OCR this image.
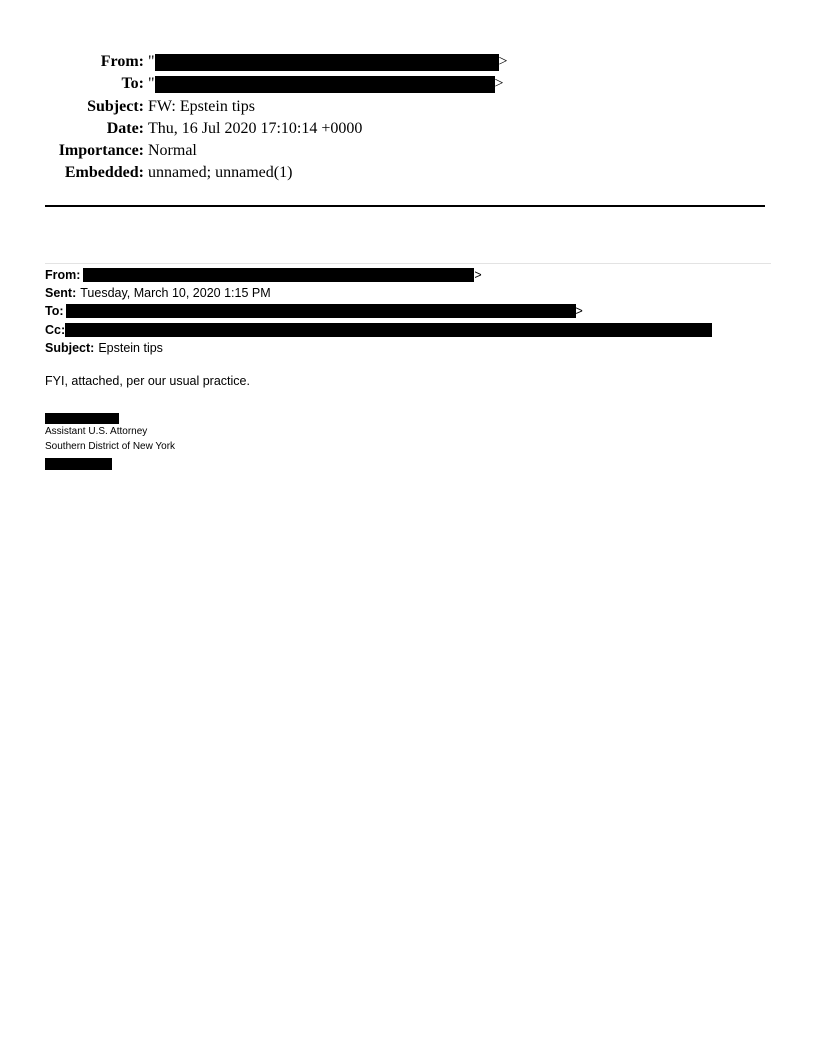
From: "	>
To: "	>
Subject: FW: Epstein tips
Date: Thu, 16 Jul 2020 17:10:14 +0000
Importance: Normal
Embedded: unnamed; unnamed(1)
From:	>
Sent: Tuesday, March 10, 2020 1:15 PM
To:	>
Cc:
Subject: Epstein tips
FYI, attached, per our usual practice.
Assistant U.S. Attorney
Southern District of New York
